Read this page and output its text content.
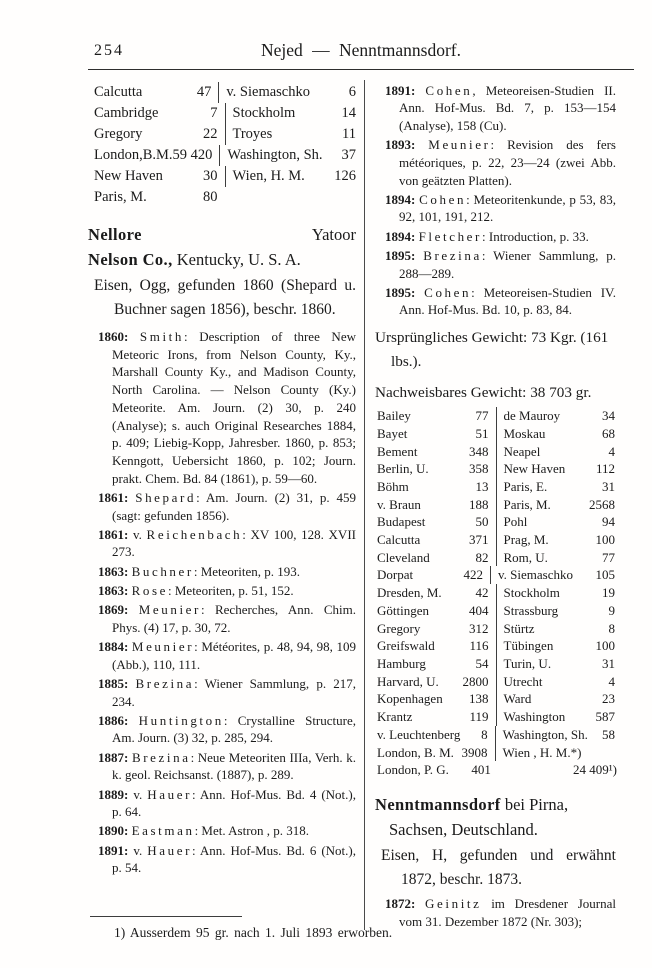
254	Nejed — Nenntmannsdorf.
Calcutta	47	v. Siemaschko	6
Cambridge	7	Stockholm	14
Gregory	22	Troyes	11
London,B.M. 59 420	Washington, Sh.	37
New Haven	30	Wien, H. M.	126
Paris, M.	80
Nellore	Yatoor
Nelson Co., Kentucky, U. S. A.

Eisen, Ogg, gefunden 1860 (Shepard u. Buchner sagen 1856), beschr. 1860.

1860: Smith: Description of three New Meteoric Irons, from Nelson County, Ky., Marshall County Ky., and Madison County, North Carolina. — Nelson County (Ky.) Meteorite. Am. Journ. (2) 30, p. 240 (Analyse); s. auch Original Researches 1884, p. 409; Liebig-Kopp, Jahresber. 1860, p. 853; Kenngott, Uebersicht 1860, p. 102; Journ. prakt. Chem. Bd. 84 (1861), p. 59—60.

1861: Shepard: Am. Journ. (2) 31, p. 459 (sagt: gefunden 1856).

1861: v. Reichenbach: XV 100, 128. XVII 273.

1863: Buchner: Meteoriten, p. 193.

1863: Rose: Meteoriten, p. 51, 152.

1869: Meunier: Recherches, Ann. Chim. Phys. (4) 17, p. 30, 72.

1884: Meunier: Météorites, p. 48, 94, 98, 109 (Abb.), 110, 111.

1885: Brezina: Wiener Sammlung, p. 217, 234.

1886: Huntington: Crystalline Structure, Am. Journ. (3) 32, p. 285, 294.

1887: Brezina: Neue Meteoriten IIIa, Verh. k. k. geol. Reichsanst. (1887), p. 289.

1889: v. Hauer: Ann. Hof-Mus. Bd. 4 (Not.), p. 64.

1890: Eastman: Met. Astron , p. 318.

1891: v. Hauer: Ann. Hof-Mus. Bd. 6 (Not.), p. 54.

1891: Cohen, Meteoreisen-Studien II. Ann. Hof-Mus. Bd. 7, p. 153—154 (Analyse), 158 (Cu).

1893: Meunier: Revision des fers météoriques, p. 22, 23—24 (zwei Abb. von geätzten Platten).

1894: Cohen: Meteoritenkunde, p 53, 83, 92, 101, 191, 212.

1894: Fletcher: Introduction, p. 33.

1895: Brezina: Wiener Sammlung, p. 288—289.

1895: Cohen: Meteoreisen-Studien IV. Ann. Hof-Mus. Bd. 10, p. 83, 84.

Ursprüngliches Gewicht: 73 Kgr. (161 lbs.).

Nachweisbares Gewicht: 38 703 gr.

Bailey	77	de Mauroy	34
Bayet	51	Moskau	68
Bement	348	Neapel	4
Berlin, U.	358	New Haven	112
Böhm	13	Paris, E.	31
v. Braun	188	Paris, M.	2568
Budapest	50	Pohl	94
Calcutta	371	Prag, M.	100
Cleveland	82	Rom, U.	77
Dorpat	422	v. Siemaschko	105
Dresden, M.	42	Stockholm	19
Göttingen	404	Strassburg	9
Gregory	312	Stürtz	8
Greifswald	116	Tübingen	100
Hamburg	54	Turin, U.	31
Harvard, U.	2800	Utrecht	4
Kopenhagen	138	Ward	23
Krantz	119	Washington	587
v. Leuchtenberg	8	Washington, Sh.	58
London, B. M. 3908	Wien , H. M.*)
London, P. G.	401	24 409¹)
Nenntmannsdorf bei Pirna, Sachsen, Deutschland.

Eisen, H, gefunden und erwähnt 1872, beschr. 1873.

1872: Geinitz im Dresdener Journal vom 31. Dezember 1872 (Nr. 303);

1) Ausserdem 95 gr. nach 1. Juli 1893 erworben.
